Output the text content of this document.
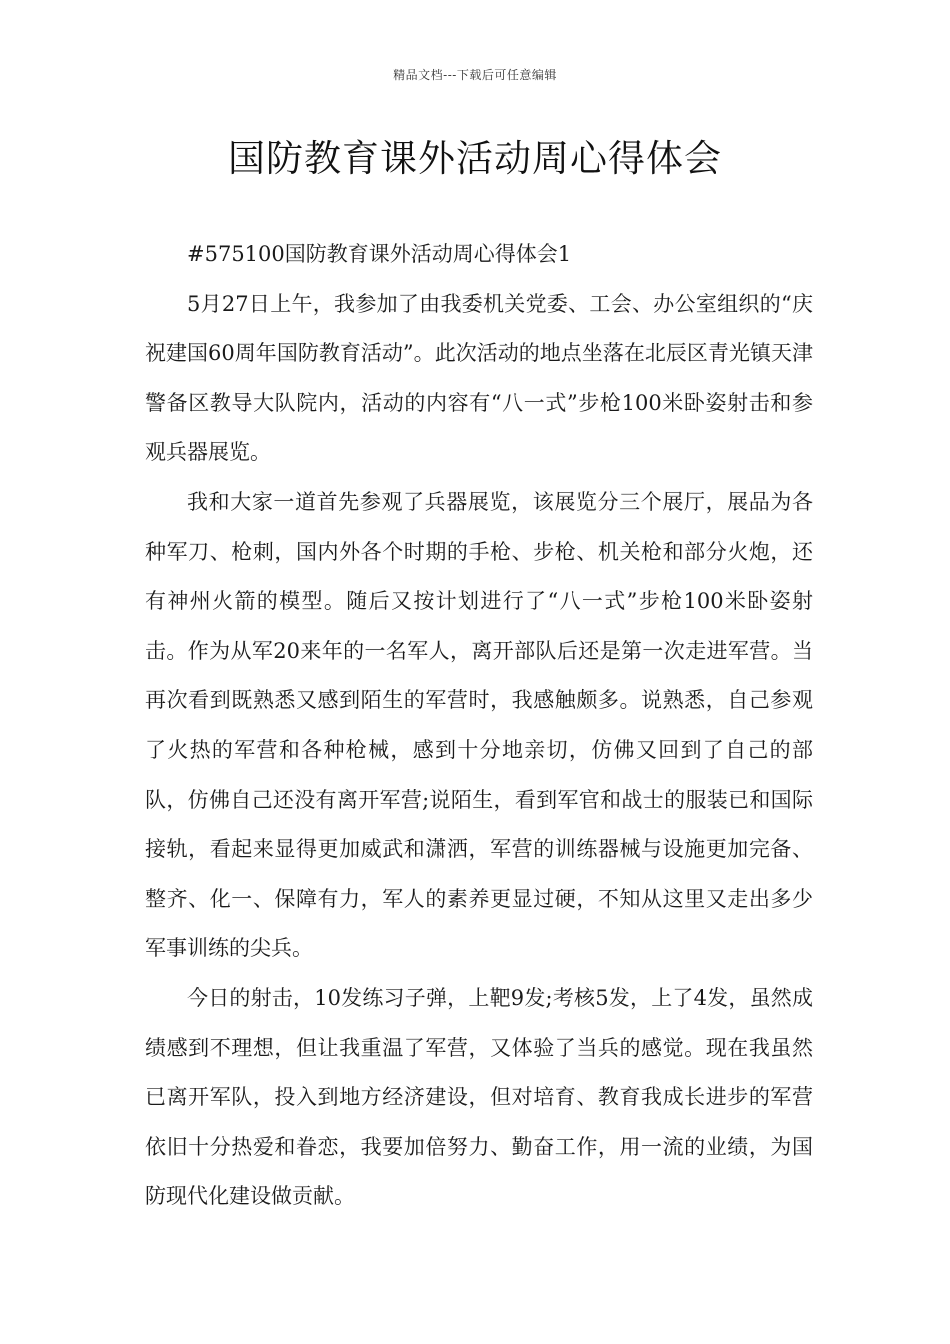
精品文档---下载后可任意编辑
国防教育课外活动周心得体会

#575100国防教育课外活动周心得体会1

5月27日上午，我参加了由我委机关党委、工会、办公室组织的“庆祝建国60周年国防教育活动”。此次活动的地点坐落在北辰区青光镇天津警备区教导大队院内，活动的内容有“八一式”步枪100米卧姿射击和参观兵器展览。

我和大家一道首先参观了兵器展览，该展览分三个展厅，展品为各种军刀、枪刺，国内外各个时期的手枪、步枪、机关枪和部分火炮，还有神州火箭的模型。随后又按计划进行了“八一式”步枪100米卧姿射击。作为从军20来年的一名军人，离开部队后还是第一次走进军营。当再次看到既熟悉又感到陌生的军营时，我感触颇多。说熟悉，自己参观了火热的军营和各种枪械，感到十分地亲切，仿佛又回到了自己的部队，仿佛自己还没有离开军营;说陌生，看到军官和战士的服装已和国际接轨，看起来显得更加威武和潇洒，军营的训练器械与设施更加完备、整齐、化一、保障有力，军人的素养更显过硬，不知从这里又走出多少军事训练的尖兵。

今日的射击，10发练习子弹，上靶9发;考核5发，上了4发，虽然成绩感到不理想，但让我重温了军营，又体验了当兵的感觉。现在我虽然已离开军队，投入到地方经济建设，但对培育、教育我成长进步的军营依旧十分热爱和眷恋，我要加倍努力、勤奋工作，用一流的业绩，为国防现代化建设做贡献。
